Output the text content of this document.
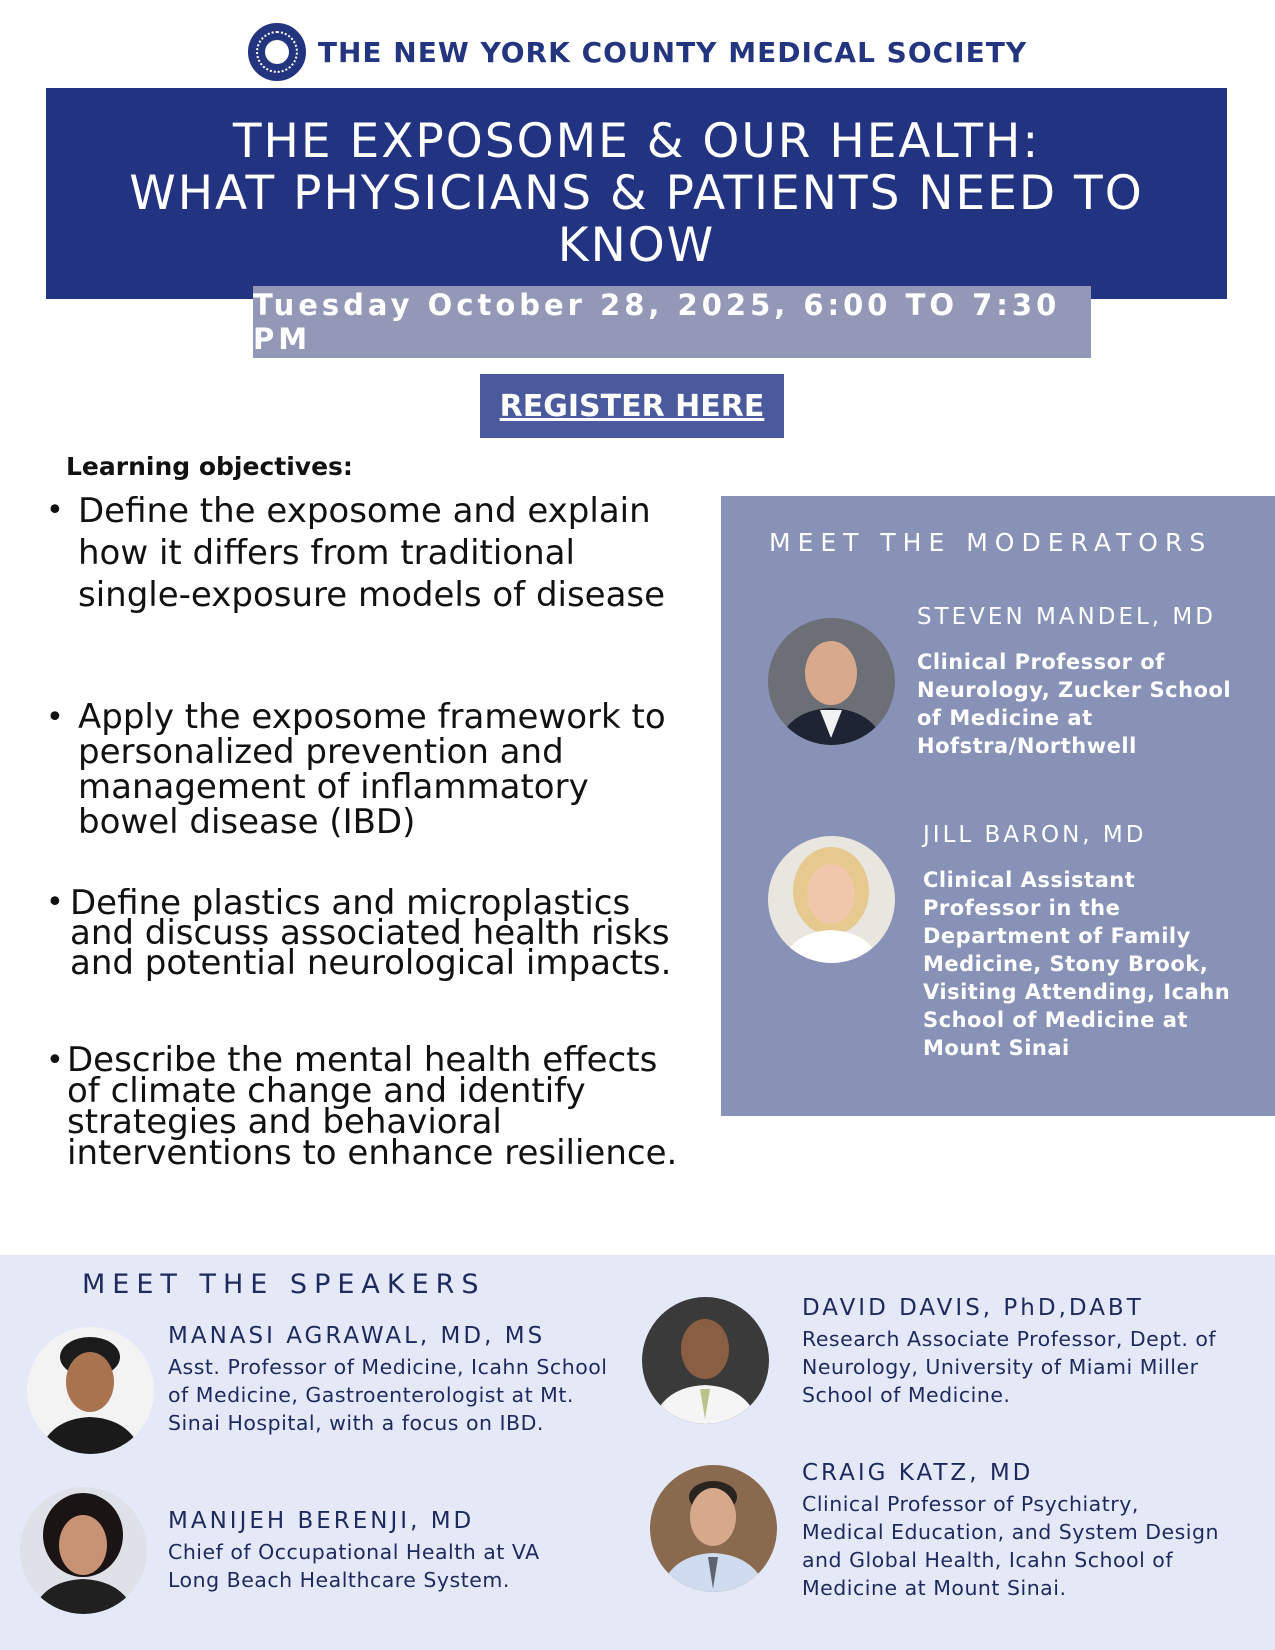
THE NEW YORK COUNTY MEDICAL SOCIETY
THE EXPOSOME & OUR HEALTH:
WHAT PHYSICIANS & PATIENTS NEED TO KNOW
Tuesday October 28, 2025, 6:00 TO 7:30 PM
REGISTER HERE
Learning objectives:
• Define the exposome and explain how it differs from traditional single-exposure models of disease
• Apply the exposome framework to personalized prevention and management of inflammatory bowel disease (IBD)
• Define plastics and microplastics and discuss associated health risks and potential neurological impacts.
• Describe the mental health effects of climate change and identify strategies and behavioral interventions to enhance resilience.
MEET THE MODERATORS
STEVEN MANDEL, MD
Clinical Professor of Neurology, Zucker School of Medicine at Hofstra/Northwell
JILL BARON, MD
Clinical Assistant Professor in the Department of Family Medicine, Stony Brook, Visiting Attending, Icahn School of Medicine at Mount Sinai
MEET THE SPEAKERS
MANASI AGRAWAL, MD, MS
Asst. Professor of Medicine, Icahn School of Medicine, Gastroenterologist at Mt. Sinai Hospital, with a focus on IBD.
MANIJEH BERENJI, MD
Chief of Occupational Health at VA Long Beach Healthcare System.
DAVID DAVIS, PhD,DABT
Research Associate Professor, Dept. of Neurology, University of Miami Miller School of Medicine.
CRAIG KATZ, MD
Clinical Professor of Psychiatry, Medical Education, and System Design and Global Health, Icahn School of Medicine at Mount Sinai.
